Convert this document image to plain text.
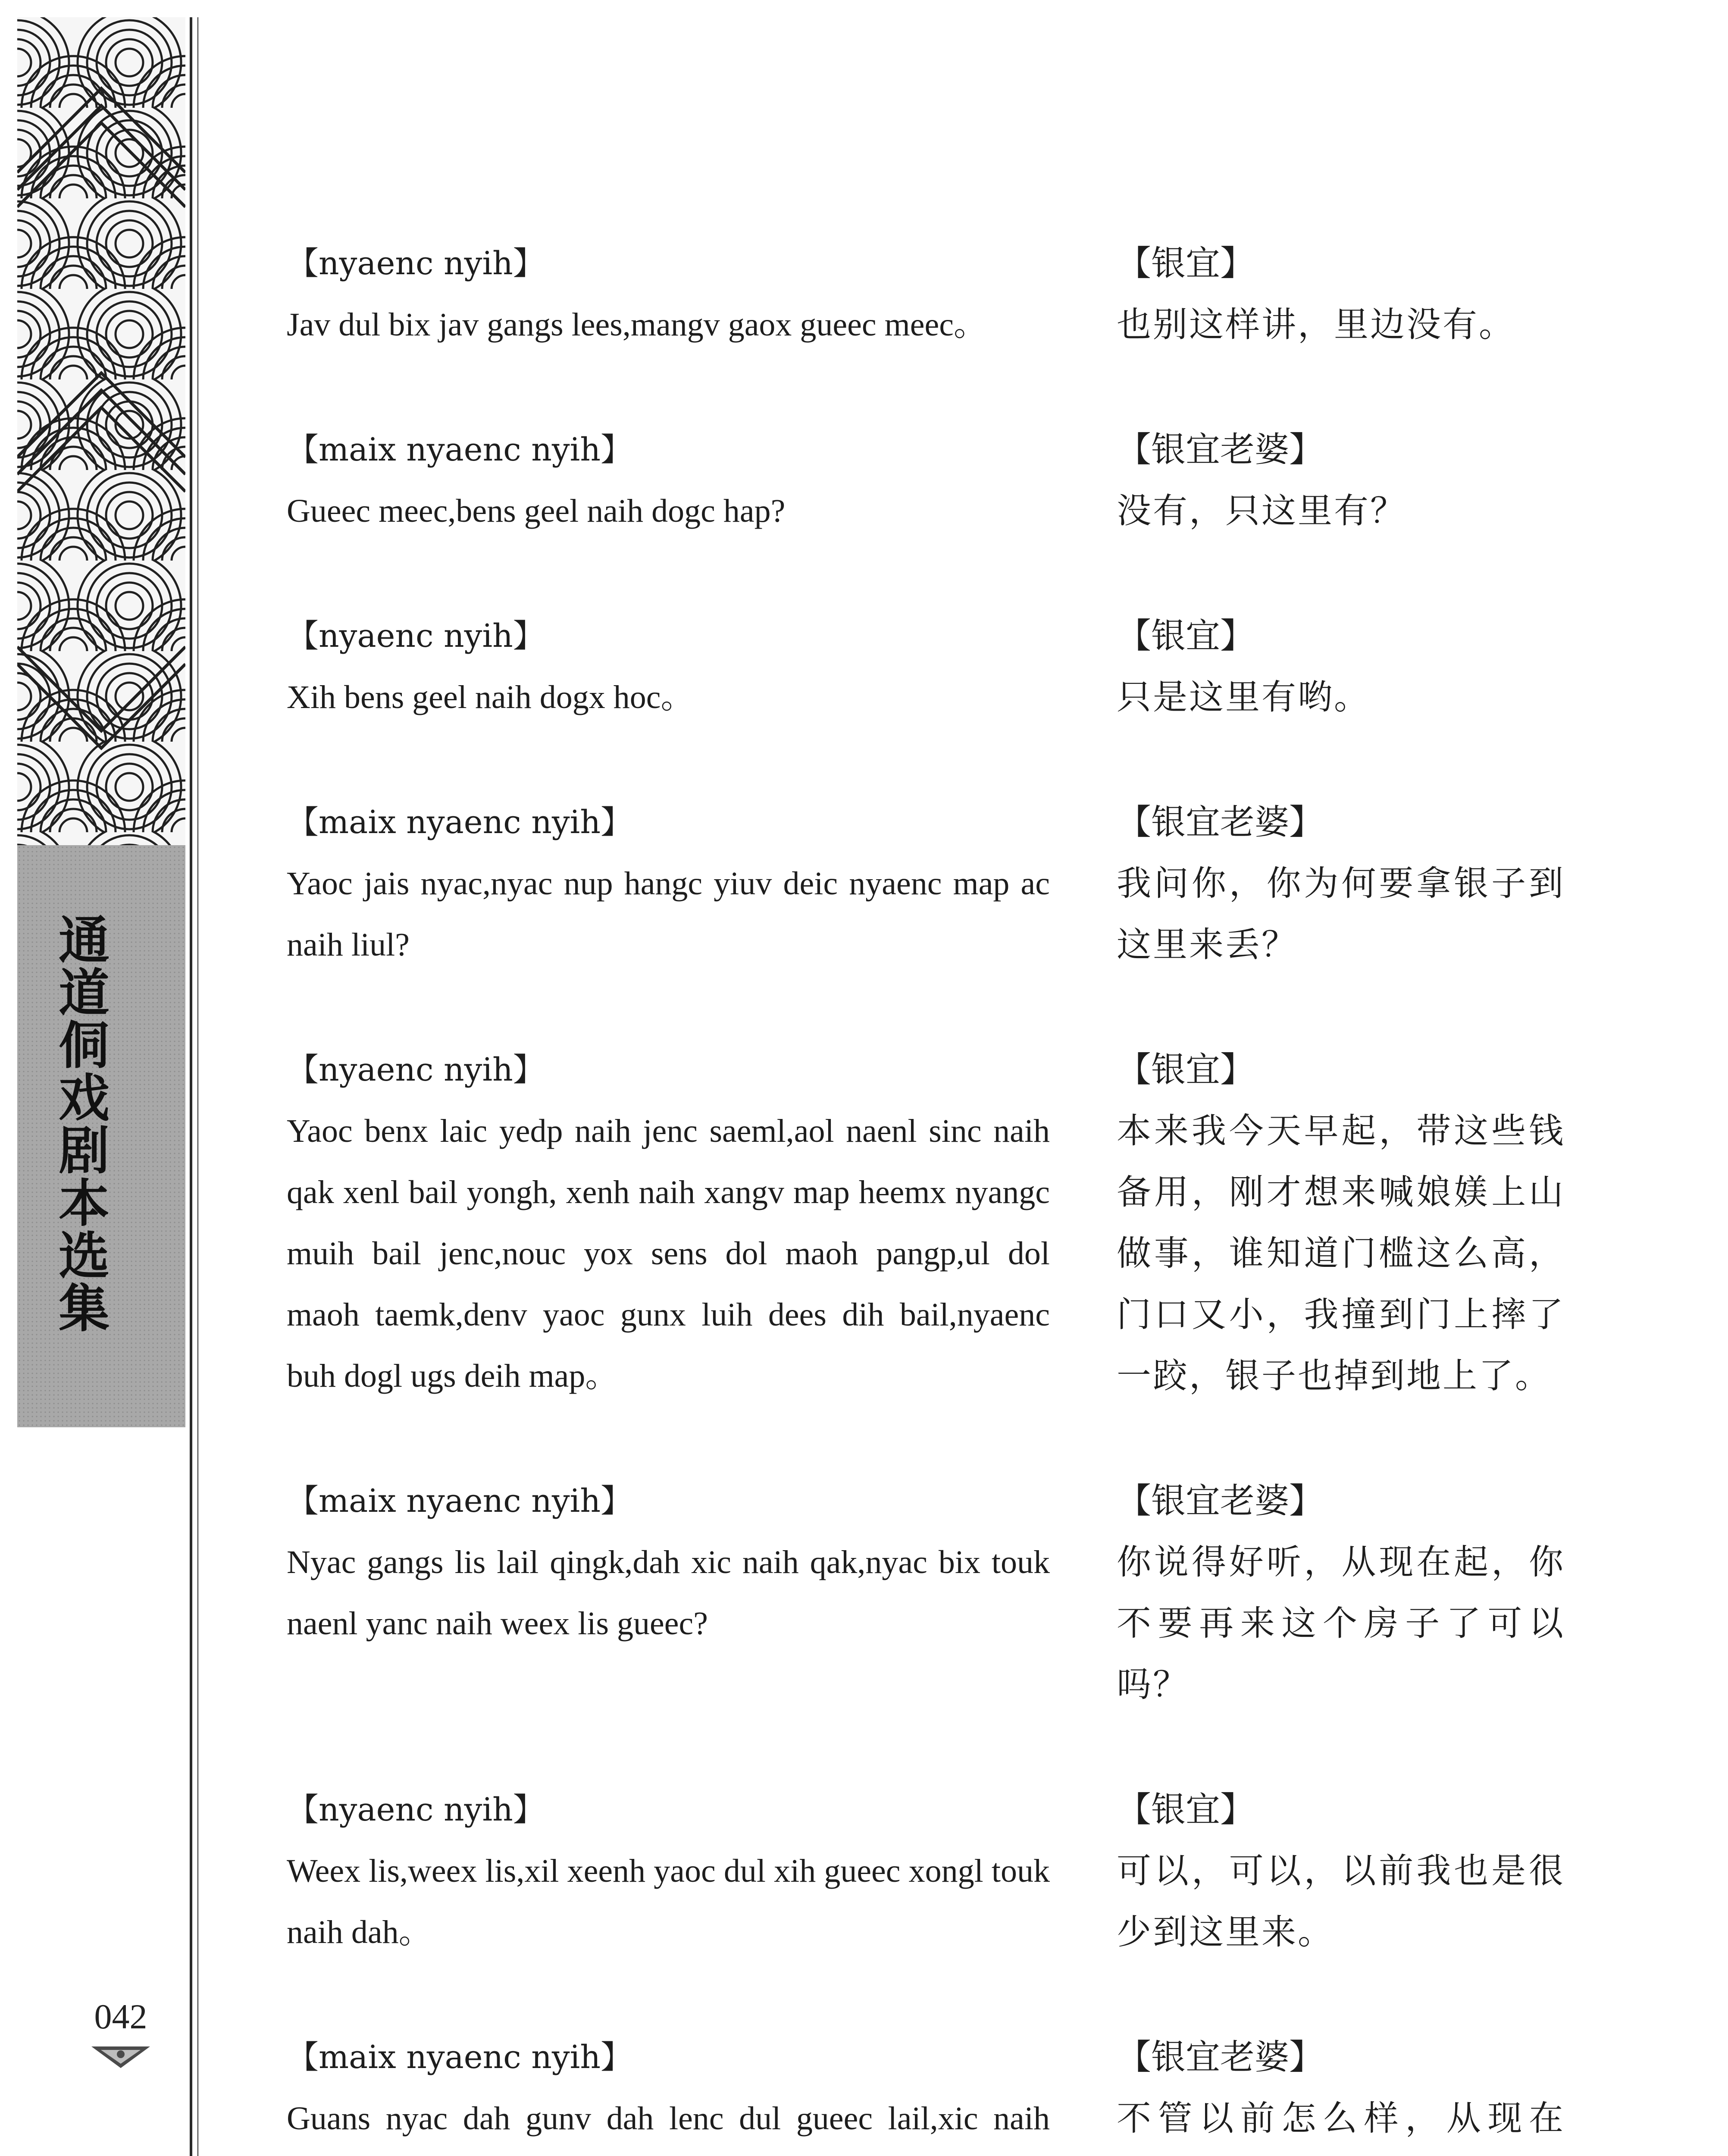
通道侗戏剧本选集
042
【nyaenc nyih】
Jav dul bix jav gangs lees,mangv gaox gueec meec。
【银宜】
也别这样讲，里边没有。
【maix nyaenc nyih】
Gueec meec,bens geel naih dogc hap?
【银宜老婆】
没有，只这里有？
【nyaenc nyih】
Xih bens geel naih dogx hoc。
【银宜】
只是这里有哟。
【maix nyaenc nyih】
Yaoc jais nyac,nyac nup hangc yiuv deic nyaenc map ac naih liul?
【银宜老婆】
我问你，你为何要拿银子到这里来丢？
【nyaenc nyih】
Yaoc benx laic yedp naih jenc saeml,aol naenl sinc naih qak xenl bail yongh, xenh naih xangv map heemx nyangc muih bail jenc,nouc yox sens dol maoh pangp,ul dol maoh taemk,denv yaoc gunx luih dees dih bail,nyaenc buh dogl ugs deih map。
【银宜】
本来我今天早起，带这些钱备用，刚才想来喊娘媄上山做事，谁知道门槛这么高，门口又小，我撞到门上摔了一跤，银子也掉到地上了。
【maix nyaenc nyih】
Nyac gangs lis lail qingk,dah xic naih qak,nyac bix touk naenl yanc naih weex lis gueec?
【银宜老婆】
你说得好听，从现在起，你不要再来这个房子了可以吗？
【nyaenc nyih】
Weex lis,weex lis,xil xeenh yaoc dul xih gueec xongl touk naih dah。
【银宜】
可以，可以，以前我也是很少到这里来。
【maix nyaenc nyih】
Guans nyac dah gunv dah lenc dul gueec lail,xic naih
【银宜老婆】
不管以前怎么样，从现在
